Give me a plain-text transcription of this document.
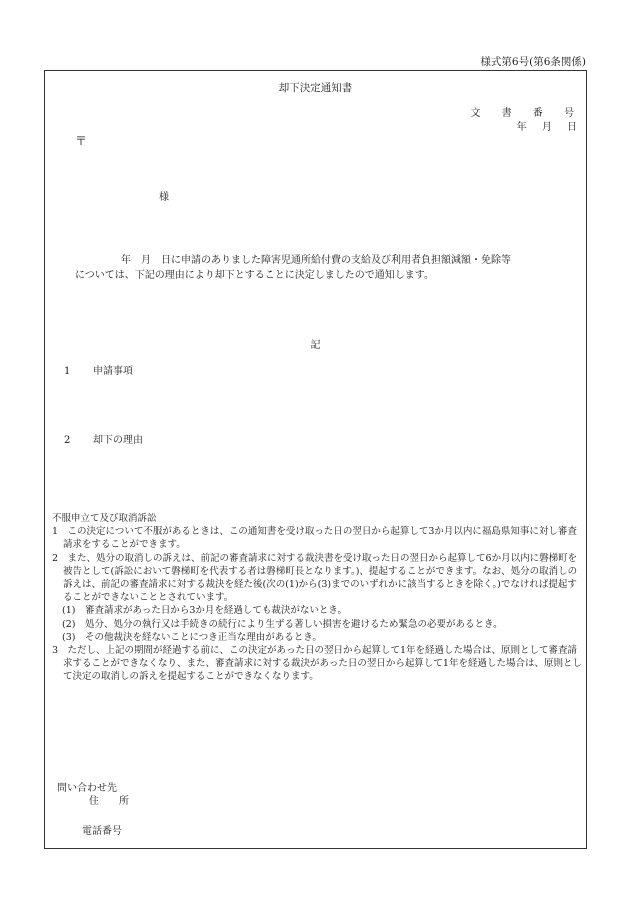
様式第6号(第6条関係)
却下決定通知書
文 書 番 号
年 月 日
〒
様
年　月　日に申請のありました障害児通所給付費の支給及び利用者負担額減額・免除等
については、下記の理由により却下とすることに決定しましたので通知します。
記
1 申請事項
2 却下の理由

不服申立て及び取消訴訟

1　この決定について不服があるときは、この通知書を受け取った日の翌日から起算して3か月以内に福島県知事に対し審査請求をすることができます。

2　また、処分の取消しの訴えは、前記の審査請求に対する裁決書を受け取った日の翌日から起算して6か月以内に磐梯町を被告として(訴訟において磐梯町を代表する者は磐梯町長となります。)、提起することができます。なお、処分の取消しの訴えは、前記の審査請求に対する裁決を経た後(次の(1)から(3)までのいずれかに該当するときを除く。)でなければ提起することができないこととされています。

(1)　審査請求があった日から3か月を経過しても裁決がないとき。

(2)　処分、処分の執行又は手続きの続行により生ずる著しい損害を避けるため緊急の必要があるとき。

(3)　その他裁決を経ないことにつき正当な理由があるとき。

3　ただし、上記の期間が経過する前に、この決定があった日の翌日から起算して1年を経過した場合は、原則として審査請求することができなくなり、また、審査請求に対する裁決があった日の翌日から起算して1年を経過した場合は、原則として決定の取消しの訴えを提起することができなくなります。

問い合わせ先
住　　所
電話番号
